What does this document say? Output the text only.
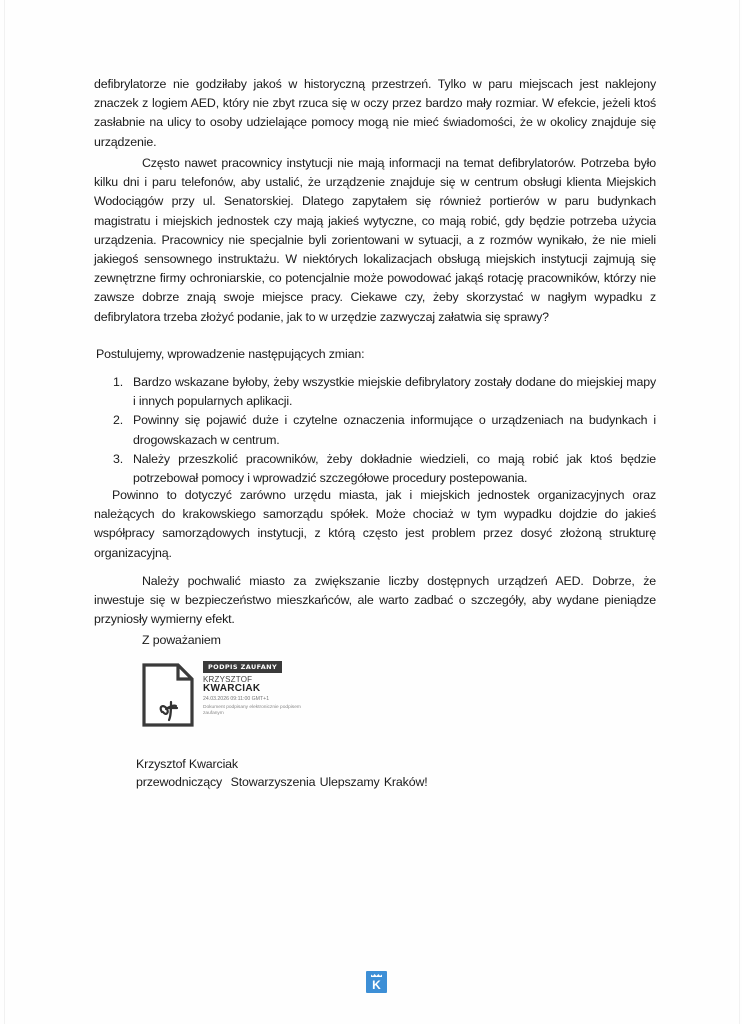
defibrylatorze nie godziłaby jakoś w historyczną przestrzeń. Tylko w paru miejscach jest naklejony znaczek z logiem AED, który nie zbyt rzuca się w oczy przez bardzo mały rozmiar. W efekcie, jeżeli ktoś zasłabnie na ulicy to osoby udzielające pomocy mogą nie mieć świadomości, że w okolicy znajduje się urządzenie.

Często nawet pracownicy instytucji nie mają informacji na temat defibrylatorów. Potrzeba było kilku dni i paru telefonów, aby ustalić, że urządzenie znajduje się w centrum obsługi klienta Miejskich Wodociągów przy ul. Senatorskiej. Dlatego zapytałem się również portierów w paru budynkach magistratu i miejskich jednostek czy mają jakieś wytyczne, co mają robić, gdy będzie potrzeba użycia urządzenia. Pracownicy nie specjalnie byli zorientowani w sytuacji, a z rozmów wynikało, że nie mieli jakiegoś sensownego instruktażu. W niektórych lokalizacjach obsługą miejskich instytucji zajmują się zewnętrzne firmy ochroniarskie, co potencjalnie może powodować jakąś rotację pracowników, którzy nie zawsze dobrze znają swoje miejsce pracy. Ciekawe czy, żeby skorzystać w nagłym wypadku z defibrylatora trzeba złożyć podanie, jak to w urzędzie zazwyczaj załatwia się sprawy?

Postulujemy, wprowadzenie następujących zmian:

1. Bardzo wskazane byłoby, żeby wszystkie miejskie defibrylatory zostały dodane do miejskiej mapy i innych popularnych aplikacji.
2. Powinny się pojawić duże i czytelne oznaczenia informujące o urządzeniach na budynkach i drogowskazach w centrum.
3. Należy przeszkolić pracowników, żeby dokładnie wiedzieli, co mają robić jak ktoś będzie potrzebował pomocy i wprowadzić szczegółowe procedury postepowania.

Powinno to dotyczyć zarówno urzędu miasta, jak i miejskich jednostek organizacyjnych oraz należących do krakowskiego samorządu spółek. Może chociaż w tym wypadku dojdzie do jakieś współpracy samorządowych instytucji, z którą często jest problem przez dosyć złożoną strukturę organizacyjną.

Należy pochwalić miasto za zwiększanie liczby dostępnych urządzeń AED. Dobrze, że inwestuje się w bezpieczeństwo mieszkańców, ale warto zadbać o szczegóły, aby wydane pieniądze przyniosły wymierny efekt.

Z poważaniem

PODPIS ZAUFANY
KRZYSZTOF
KWARCIAK
24.03.2026 09:11:00 GMT+1
Dokument podpisany elektronicznie podpisem zaufanym

Krzysztof Kwarciak

przewodniczący  Stowarzyszenia Ulepszamy Kraków!

K
